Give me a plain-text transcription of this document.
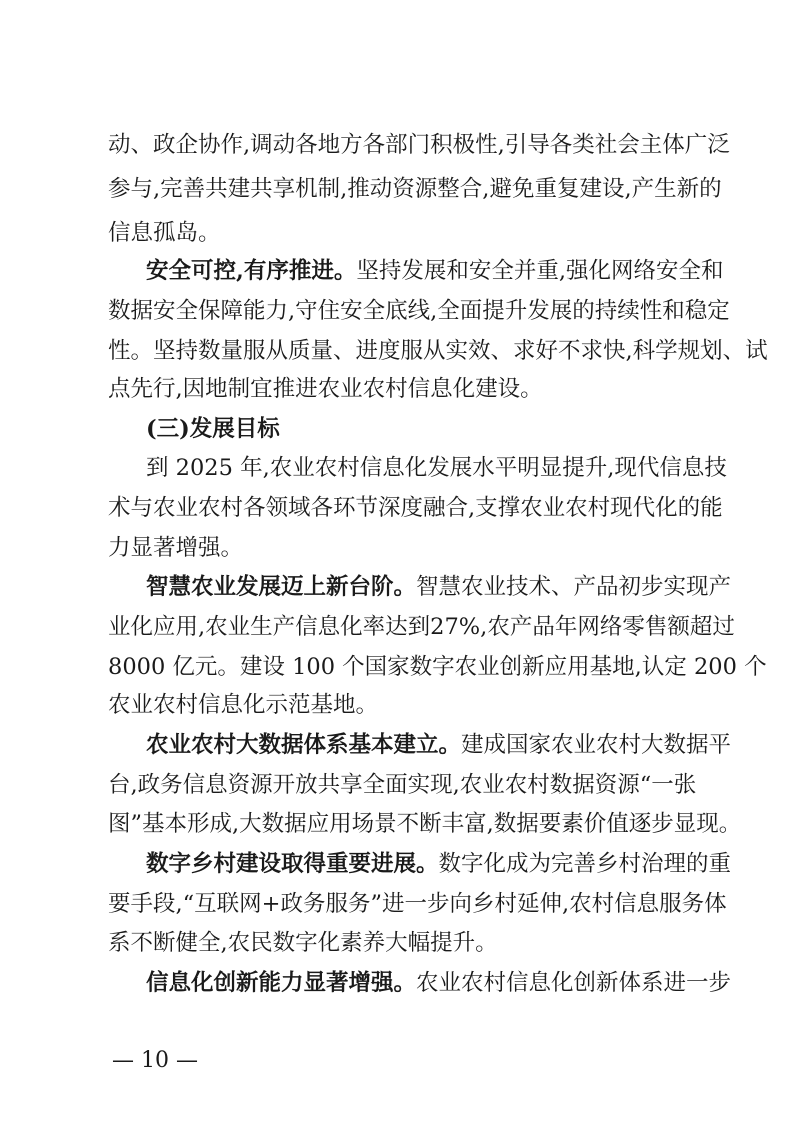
动、政企协作,调动各地方各部门积极性,引导各类社会主体广泛
参与,完善共建共享机制,推动资源整合,避免重复建设,产生新的
信息孤岛。
安全可控,有序推进。坚持发展和安全并重,强化网络安全和
数据安全保障能力,守住安全底线,全面提升发展的持续性和稳定
性。坚持数量服从质量、进度服从实效、求好不求快,科学规划、试
点先行,因地制宜推进农业农村信息化建设。
(三)发展目标
到 2025 年,农业农村信息化发展水平明显提升,现代信息技
术与农业农村各领域各环节深度融合,支撑农业农村现代化的能
力显著增强。
智慧农业发展迈上新台阶。智慧农业技术、产品初步实现产
业化应用,农业生产信息化率达到27%,农产品年网络零售额超过
8000 亿元。建设 100 个国家数字农业创新应用基地,认定 200 个
农业农村信息化示范基地。
农业农村大数据体系基本建立。建成国家农业农村大数据平
台,政务信息资源开放共享全面实现,农业农村数据资源“一张
图”基本形成,大数据应用场景不断丰富,数据要素价值逐步显现。
数字乡村建设取得重要进展。数字化成为完善乡村治理的重
要手段,“互联网+政务服务”进一步向乡村延伸,农村信息服务体
系不断健全,农民数字化素养大幅提升。
信息化创新能力显著增强。农业农村信息化创新体系进一步
— 10 —
